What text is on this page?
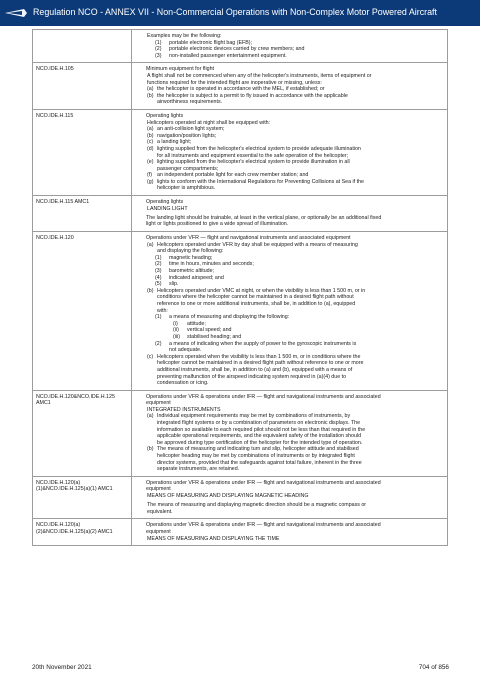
Regulation NCO - ANNEX VII - Non-Commercial Operations with Non-Complex Motor Powered Aircraft
Examples may be the following:
(1) portable electronic flight bag (EFB);
(2) portable electronic devices carried by crew members; and
(3) non-installed passenger entertainment equipment.
NCO.IDE.H.105	Minimum equipment for flight
A flight shall not be commenced when any of the helicopter's instruments, items of equipment or
functions required for the intended flight are inoperative or missing, unless:
(a) the helicopter is operated in accordance with the MEL, if established; or
(b) the helicopter is subject to a permit to fly issued in accordance with the applicable
airworthiness requirements.
NCO.IDE.H.115	Operating lights
Helicopters operated at night shall be equipped with:
(a) an anti-collision light system;
(b) navigation/position lights;
(c) a landing light;
(d) lighting supplied from the helicopter's electrical system to provide adequate illumination
for all instruments and equipment essential to the safe operation of the helicopter;
(e) lighting supplied from the helicopter's electrical system to provide illumination in all
passenger compartments;
(f) an independent portable light for each crew member station; and
(g) lights to conform with the International Regulations for Preventing Collisions at Sea if the
helicopter is amphibious.
NCO.IDE.H.115 AMC1	Operating lights
LANDING LIGHT
The landing light should be trainable, at least in the vertical plane, or optionally be an additional fixed
light or lights positioned to give a wide spread of illumination.
NCO.IDE.H.120	Operations under VFR — flight and navigational instruments and associated equipment
(a) Helicopters operated under VFR by day shall be equipped with a means of measuring
and displaying the following:
(1) magnetic heading;
(2) time in hours, minutes and seconds;
(3) barometric altitude;
(4) indicated airspeed; and
(5) slip.
(b) Helicopters operated under VMC at night, or when the visibility is less than 1 500 m, or in
conditions where the helicopter cannot be maintained in a desired flight path without
reference to one or more additional instruments, shall be, in addition to (a), equipped
with:
(1) a means of measuring and displaying the following:
(i) attitude;
(ii) vertical speed; and
(iii) stabilised heading; and
(2) a means of indicating when the supply of power to the gyroscopic instruments is
not adequate.
(c) Helicopters operated when the visibility is less than 1 500 m, or in conditions where the
helicopter cannot be maintained in a desired flight path without reference to one or more
additional instruments, shall be, in addition to (a) and (b), equipped with a means of
preventing malfunction of the airspeed indicating system required in (a)(4) due to
condensation or icing.
NCO.IDE.H.120&NCO.IDE.H.125 AMC1
Operations under VFR & operations under IFR — flight and navigational instruments and associated
equipment
INTEGRATED INSTRUMENTS
(a) Individual equipment requirements may be met by combinations of instruments, by
integrated flight systems or by a combination of parameters on electronic displays. The
information so available to each required pilot should not be less than that required in the
applicable operational requirements, and the equivalent safety of the installation should
be approved during type certification of the helicopter for the intended type of operation.
(b) The means of measuring and indicating turn and slip, helicopter attitude and stabilised
helicopter heading may be met by combinations of instruments or by integrated flight
director systems, provided that the safeguards against total failure, inherent in the three
separate instruments, are retained.
NCO.IDE.H.120(a)(1)&NCO.IDE.H.125(a)(1) AMC1
Operations under VFR & operations under IFR — flight and navigational instruments and associated
equipment
MEANS OF MEASURING AND DISPLAYING MAGNETIC HEADING
The means of measuring and displaying magnetic direction should be a magnetic compass or
equivalent.
NCO.IDE.H.120(a)(2)&NCO.IDE.H.125(a)(2) AMC1
Operations under VFR & operations under IFR — flight and navigational instruments and associated
equipment
MEANS OF MEASURING AND DISPLAYING THE TIME
20th November 2021	704 of 856
